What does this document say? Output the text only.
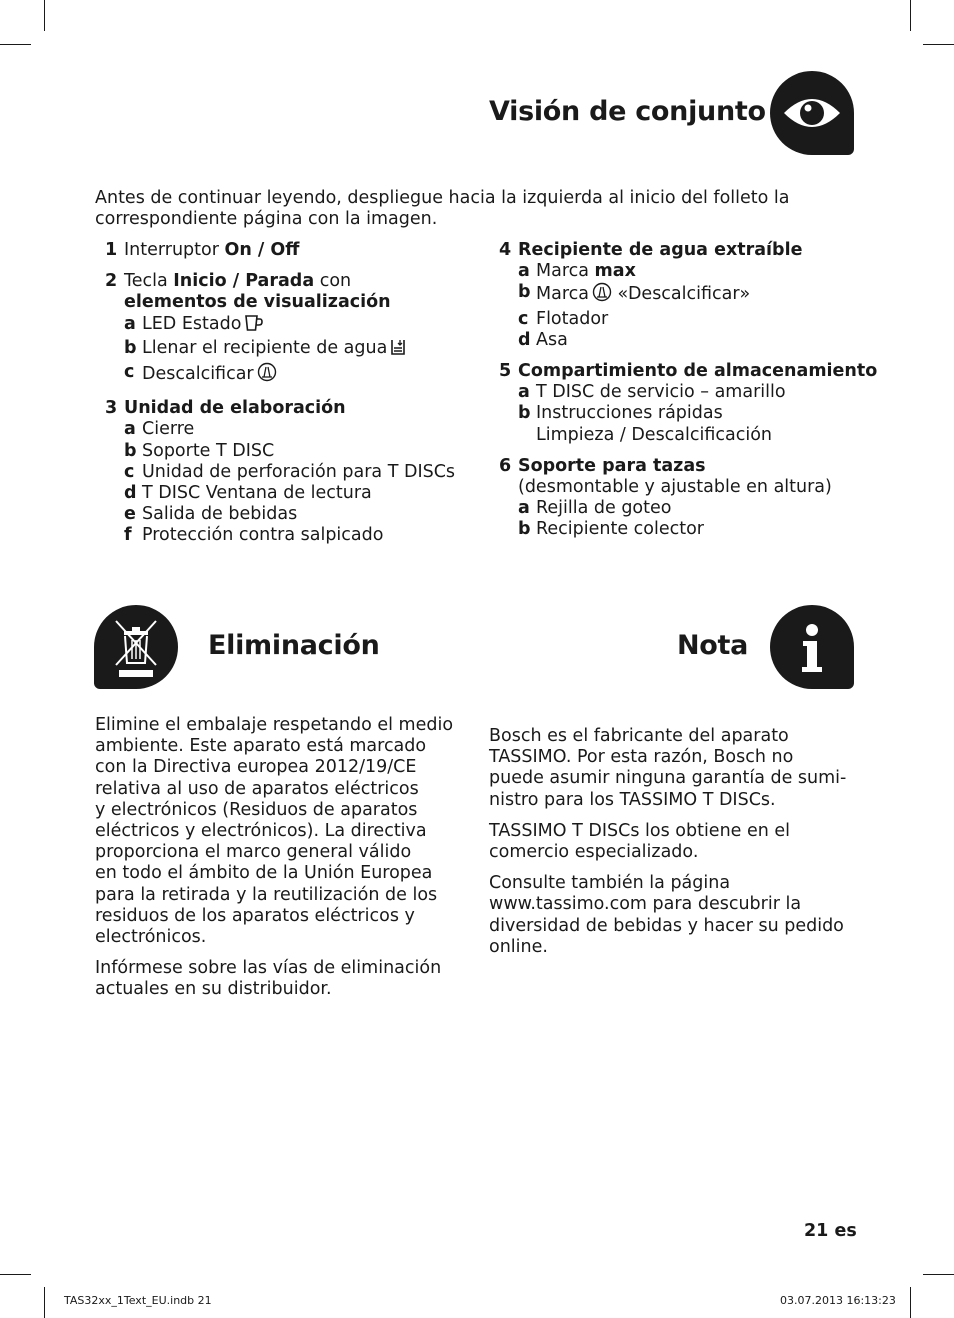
Visión de conjunto
Antes de continuar leyendo, despliegue hacia la izquierda al inicio del folleto la
correspondiente página con la imagen.
1 Interruptor On / Off
2 Tecla Inicio / Parada con
elementos de visualización
a LED Estado
b Llenar el recipiente de agua
c Descalcificar
3 Unidad de elaboración
a Cierre
b Soporte T DISC
c Unidad de perforación para T DISCs
d T DISC Ventana de lectura
e Salida de bebidas
f Protección contra salpicado
4 Recipiente de agua extraíble
a Marca max
b Marca «Descalcificar»
c Flotador
d Asa
5 Compartimiento de almacenamiento
a T DISC de servicio – amarillo
b Instrucciones rápidas
Limpieza / Descalcificación
6 Soporte para tazas
(desmontable y ajustable en altura)
a Rejilla de goteo
b Recipiente colector
Eliminación

Elimine el embalaje respetando el medio
ambiente. Este aparato está marcado
con la Directiva europea 2012/19/CE
relativa al uso de aparatos eléctricos
y electrónicos (Residuos de aparatos
eléctricos y electrónicos). La directiva
proporciona el marco general válido
en todo el ámbito de la Unión Europea
para la retirada y la reutilización de los
residuos de los aparatos eléctricos y
electrónicos.

Infórmese sobre las vías de eliminación
actuales en su distribuidor.

Nota

Bosch es el fabricante del aparato
TASSIMO. Por esta razón, Bosch no
puede asumir ninguna garantía de sumi-
nistro para los TASSIMO T DISCs.

TASSIMO T DISCs los obtiene en el
comercio especializado.

Consulte también la página
www.tassimo.com para descubrir la
diversidad de bebidas y hacer su pedido
online.

21 es
TAS32xx_1Text_EU.indb 21	03.07.2013 16:13:23
